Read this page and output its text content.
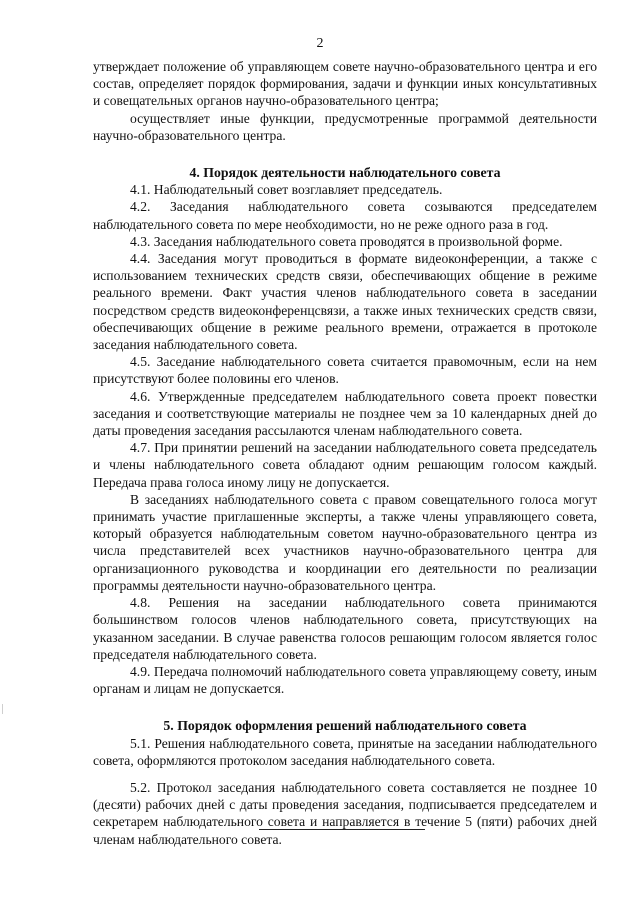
2

утверждает положение об управляющем совете научно-образовательного центра и его состав, определяет порядок формирования, задачи и функции иных консультативных и совещательных органов научно-образовательного центра;

осуществляет иные функции, предусмотренные программой деятельности научно-образовательного центра.

4. Порядок деятельности наблюдательного совета

4.1. Наблюдательный совет возглавляет председатель.

4.2. Заседания наблюдательного совета созываются председателем наблюдательного совета по мере необходимости, но не реже одного раза в год.

4.3. Заседания наблюдательного совета проводятся в произвольной форме.

4.4. Заседания могут проводиться в формате видеоконференции, а также с использованием технических средств связи, обеспечивающих общение в режиме реального времени. Факт участия членов наблюдательного совета в заседании посредством средств видеоконференцсвязи, а также иных технических средств связи, обеспечивающих общение в режиме реального времени, отражается в протоколе заседания наблюдательного совета.

4.5. Заседание наблюдательного совета считается правомочным, если на нем присутствуют более половины его членов.

4.6. Утвержденные председателем наблюдательного совета проект повестки заседания и соответствующие материалы не позднее чем за 10 календарных дней до даты проведения заседания рассылаются членам наблюдательного совета.

4.7. При принятии решений на заседании наблюдательного совета председатель и члены наблюдательного совета обладают одним решающим голосом каждый. Передача права голоса иному лицу не допускается.

В заседаниях наблюдательного совета с правом совещательного голоса могут принимать участие приглашенные эксперты, а также члены управляющего совета, который образуется наблюдательным советом научно-образовательного центра из числа представителей всех участников научно-образовательного центра для организационного руководства и координации его деятельности по реализации программы деятельности научно-образовательного центра.

4.8. Решения на заседании наблюдательного совета принимаются большинством голосов членов наблюдательного совета, присутствующих на указанном заседании. В случае равенства голосов решающим голосом является голос председателя наблюдательного совета.

4.9. Передача полномочий наблюдательного совета управляющему совету, иным органам и лицам не допускается.

5. Порядок оформления решений наблюдательного совета

5.1. Решения наблюдательного совета, принятые на заседании наблюдательного совета, оформляются протоколом заседания наблюдательного совета.

5.2. Протокол заседания наблюдательного совета составляется не позднее 10 (десяти) рабочих дней с даты проведения заседания, подписывается председателем и секретарем наблюдательного совета и направляется в течение 5 (пяти) рабочих дней членам наблюдательного совета.
